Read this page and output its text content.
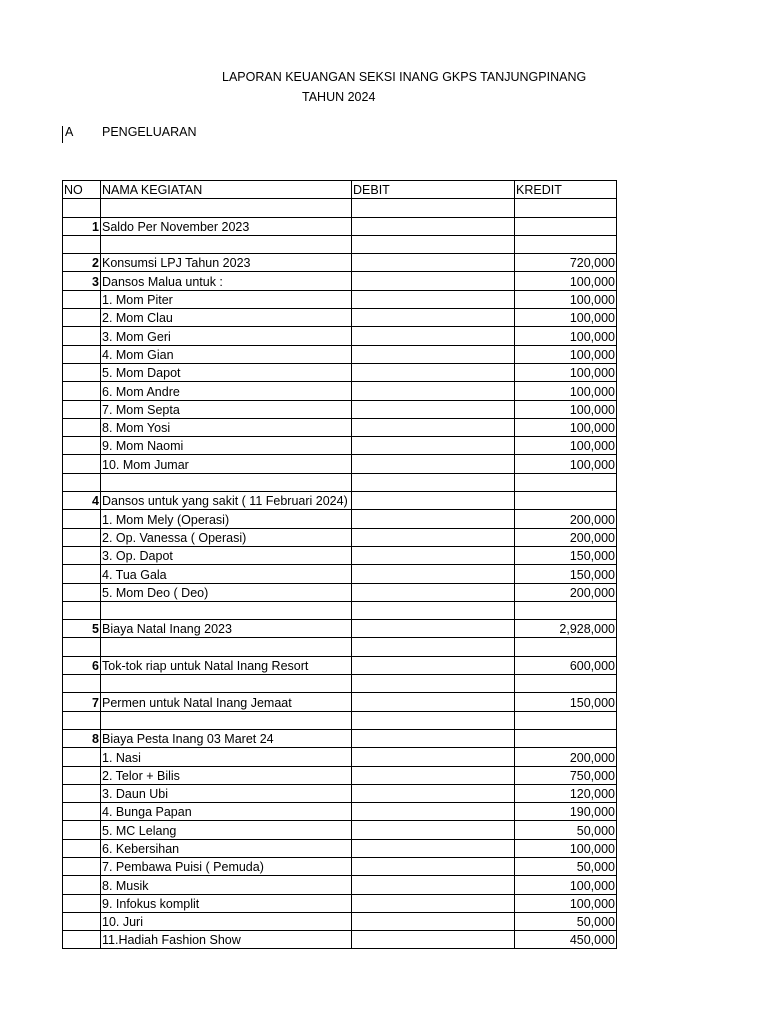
LAPORAN KEUANGAN SEKSI INANG GKPS TANJUNGPINANG
TAHUN 2024
A PENGELUARAN
NO	NAMA KEGIATAN	DEBIT	KREDIT

1	Saldo Per November 2023		

2	Konsumsi LPJ Tahun 2023		720,000
3	Dansos Malua untuk :		100,000
	1. Mom Piter		100,000
	2. Mom Clau		100,000
	3. Mom Geri		100,000
	4. Mom Gian		100,000
	5. Mom Dapot		100,000
	6. Mom Andre		100,000
	7. Mom Septa		100,000
	8. Mom Yosi		100,000
	9. Mom Naomi		100,000
	10. Mom Jumar		100,000

4	Dansos untuk yang sakit ( 11 Februari 2024)		
	1. Mom Mely (Operasi)		200,000
	2. Op. Vanessa ( Operasi)		200,000
	3. Op. Dapot		150,000
	4. Tua Gala		150,000
	5. Mom Deo ( Deo)		200,000

5	Biaya Natal Inang 2023		2,928,000

6	Tok-tok riap untuk Natal Inang Resort		600,000

7	Permen untuk Natal Inang Jemaat		150,000

8	Biaya Pesta Inang 03 Maret 24		
	1. Nasi		200,000
	2. Telor + Bilis		750,000
	3. Daun Ubi		120,000
	4. Bunga Papan		190,000
	5. MC Lelang		50,000
	6. Kebersihan		100,000
	7. Pembawa Puisi ( Pemuda)		50,000
	8. Musik		100,000
	9. Infokus komplit		100,000
	10. Juri		50,000
	11.Hadiah Fashion Show		450,000
